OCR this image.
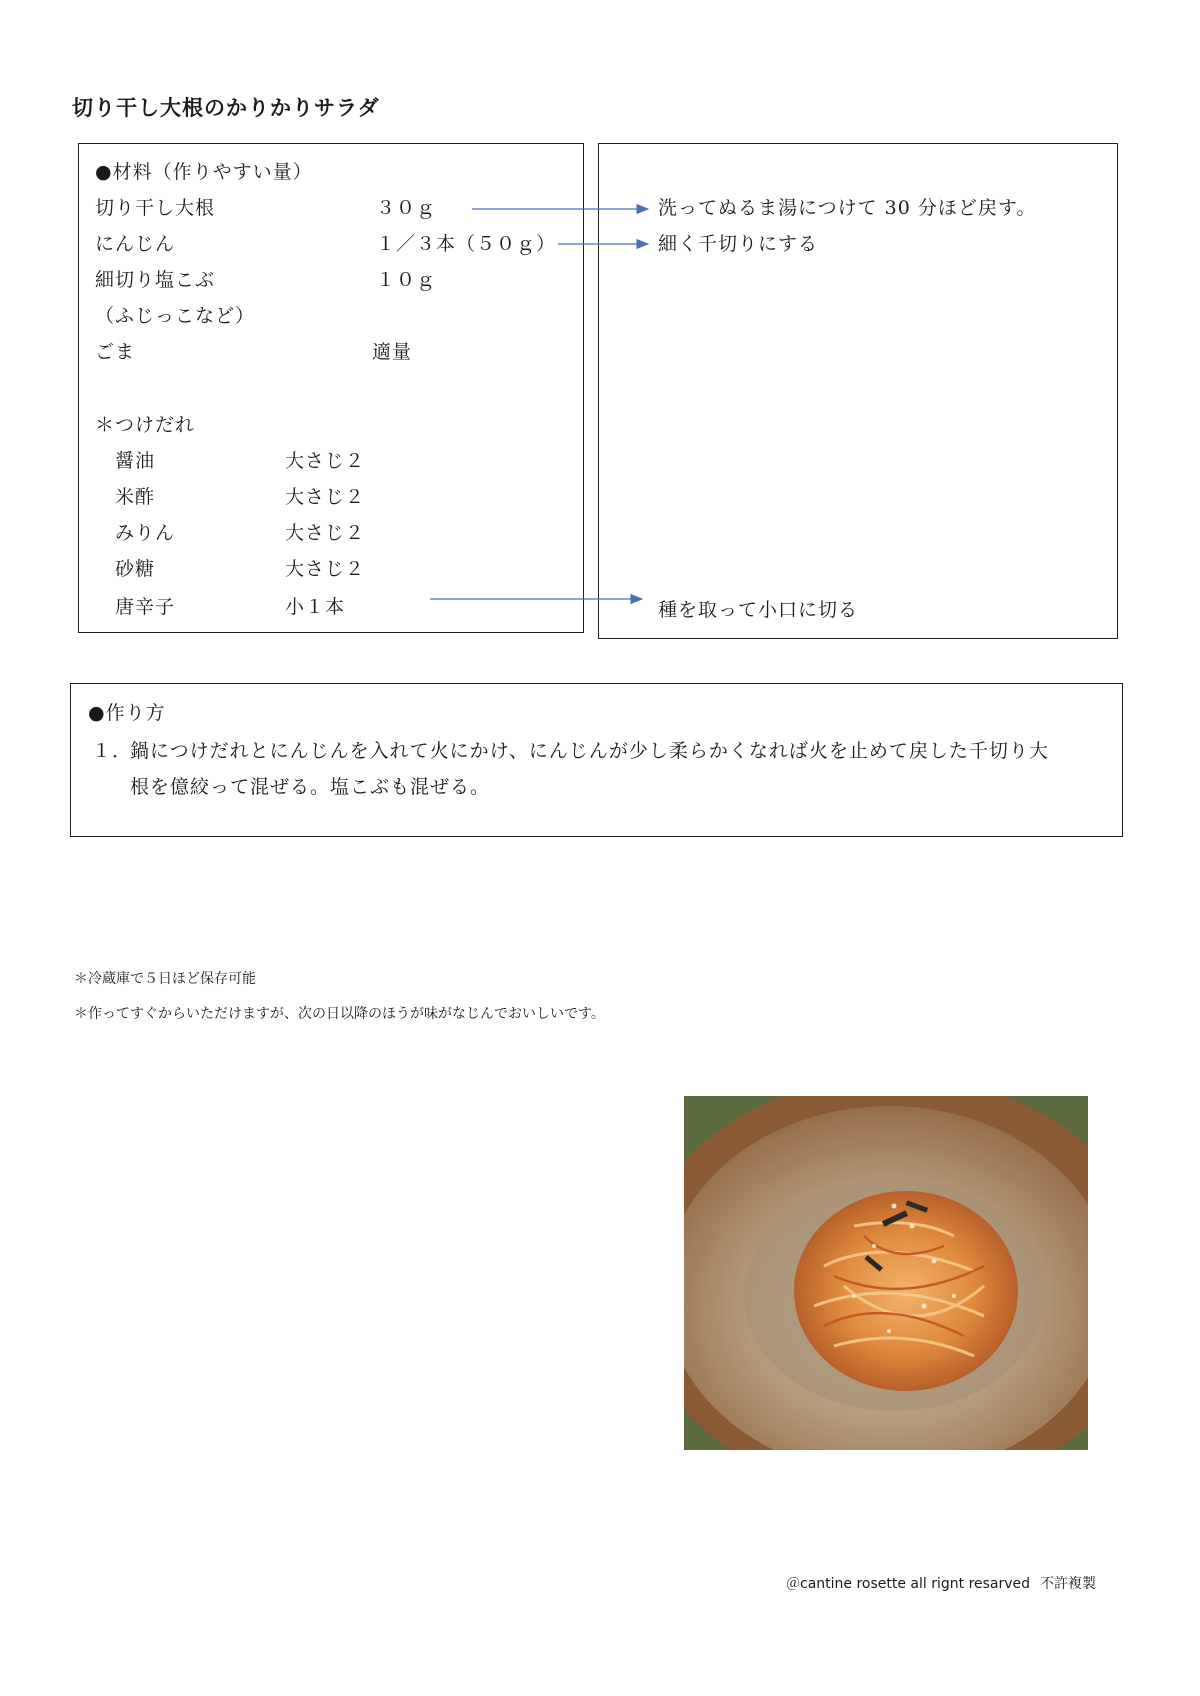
切り干し大根のかりかりサラダ
●材料（作りやすい量）
切り干し大根	３０ｇ
にんじん	１／３本（５０ｇ）
細切り塩こぶ	１０ｇ
（ふじっこなど）
ごま	適量
＊つけだれ
醤油	大さじ２
米酢	大さじ２
みりん	大さじ２
砂糖	大さじ２
唐辛子	小１本
洗ってぬるま湯につけて 30 分ほど戻す。
細く千切りにする
種を取って小口に切る
●作り方
１．
鍋につけだれとにんじんを入れて火にかけ、にんじんが少し柔らかくなれば火を止めて戻した千切り大
根を億絞って混ぜる。塩こぶも混ぜる。
＊冷蔵庫で５日ほど保存可能
＊作ってすぐからいただけますが、次の日以降のほうが味がなじんでおいしいです。
＠cantine rosette all rignt resarved 不許複製
